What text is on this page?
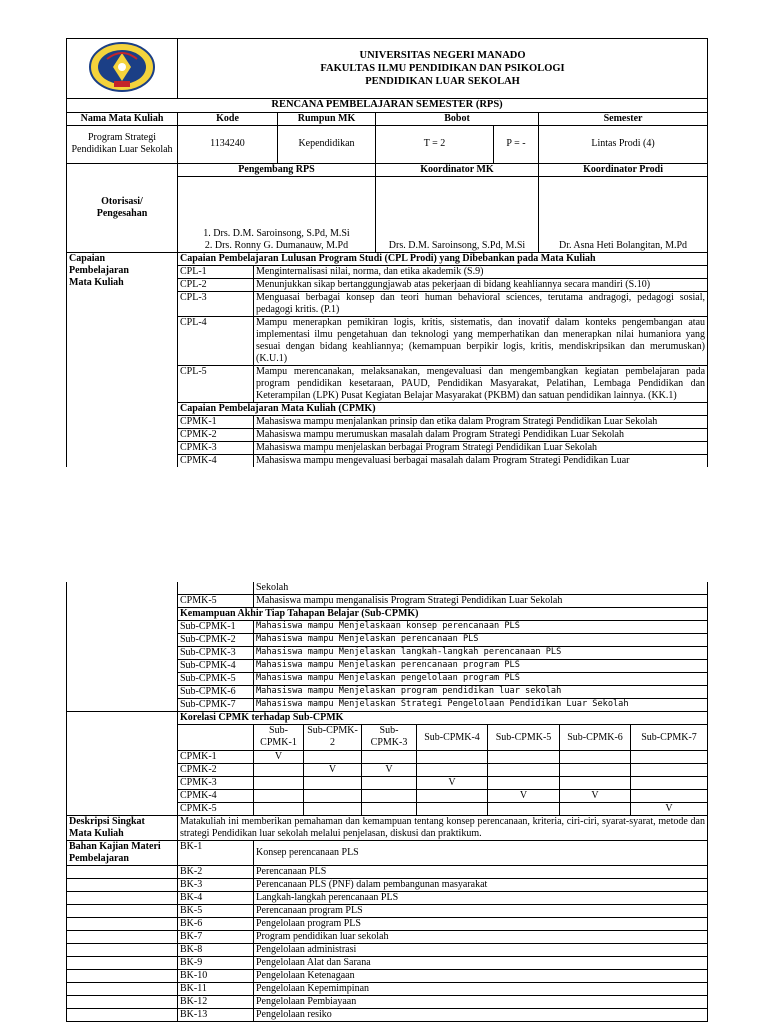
UNIVERSITAS NEGERI MANADO
FAKULTAS ILMU PENDIDIKAN DAN PSIKOLOGI
PENDIDIKAN LUAR SEKOLAH				

RENCANA PEMBELAJARAN SEMESTER (RPS)					
Nama Mata Kuliah	Kode	Rumpun MK	Bobot		Semester
Program Strategi Pendidikan Luar Sekolah	1134240	Kependidikan	T = 2	P = -	Lintas Prodi (4)
Otorisasi/ Pengesahan	Pengembang RPS		Koordinator MK		Koordinator Prodi

	1. Drs. D.M. Saroinsong, S.Pd, M.Si
2. Drs. Ronny G. Dumanauw, M.Pd		Drs. D.M. Saroinsong, S.Pd, M.Si		Dr. Asna Heti Bolangitan, M.Pd
Capaian Pembelajaran Mata Kuliah	Capaian Pembelajaran Lulusan Program Studi (CPL Prodi) yang Dibebankan pada Mata Kuliah	
	CPL-1	Menginternalisasi nilai, norma, dan etika akademik (S.9)
	CPL-2	Menunjukkan sikap bertanggungjawab atas pekerjaan di bidang keahliannya secara mandiri (S.10)
	CPL-3	Menguasai berbagai konsep dan teori human behavioral sciences, terutama andragogi, pedagogi sosial, pedagogi kritis. (P.1)
	CPL-4	Mampu menerapkan pemikiran logis, kritis, sistematis, dan inovatif dalam konteks pengembangan atau implementasi ilmu pengetahuan dan teknologi yang memperhatikan dan menerapkan nilai humaniora yang sesuai dengan bidang keahliannya; (kemampuan berpikir logis, kritis, mendiskripsikan dan merumuskan) (K.U.1)
	CPL-5	Mampu merencanakan, melaksanakan, mengevaluasi dan mengembangkan kegiatan pembelajaran pada program pendidikan kesetaraan, PAUD, Pendidikan Masyarakat, Pelatihan, Lembaga Pendidikan dan Keterampilan (LPK) Pusat Kegiatan Belajar Masyarakat (PKBM) dan satuan pendidikan lainnya. (KK.1)
	Capaian Pembelajaran Mata Kuliah (CPMK)	
	CPMK-1	Mahasiswa mampu menjalankan prinsip dan etika dalam Program Strategi Pendidikan Luar Sekolah
	CPMK-2	Mahasiswa mampu merumuskan masalah dalam Program Strategi Pendidikan Luar Sekolah
	CPMK-3	Mahasiswa mampu menjelaskan berbagai Program Strategi Pendidikan Luar Sekolah
	CPMK-4	Mahasiswa mampu mengevaluasi berbagai masalah dalam Program Strategi Pendidikan Luar
		Sekolah
	CPMK-5	Mahasiswa mampu menganalisis Program Strategi Pendidikan Luar Sekolah
	Kemampuan Akhir Tiap Tahapan Belajar (Sub-CPMK)	
	Sub-CPMK-1	Mahasiswa mampu Menjelaskaan konsep perencanaan PLS
	Sub-CPMK-2	Mahasiswa mampu Menjelaskan perencanaan PLS
	Sub-CPMK-3	Mahasiswa mampu Menjelaskan langkah-langkah perencanaan PLS
	Sub-CPMK-4	Mahasiswa mampu Menjelaskan perencanaan program PLS
	Sub-CPMK-5	Mahasiswa mampu Menjelaskan pengelolaan program PLS
	Sub-CPMK-6	Mahasiswa mampu Menjelaskan program pendidikan luar sekolah
	Sub-CPMK-7	Mahasiswa mampu Menjelaskan Strategi Pengelolaan Pendidikan Luar Sekolah
	Korelasi CPMK terhadap Sub-CPMK							
		Sub-CPMK-1	Sub-CPMK-2	Sub-CPMK-3	Sub-CPMK-4	Sub-CPMK-5	Sub-CPMK-6	Sub-CPMK-7
	CPMK-1	V						
	CPMK-2		V	V				
	CPMK-3				V			
	CPMK-4					V	V	
	CPMK-5							V
Deskripsi Singkat Mata Kuliah	Matakuliah ini memberikan pemahaman dan kemampuan tentang konsep perencanaan, kriteria, ciri-ciri, syarat-syarat, metode dan strategi Pendidikan luar sekolah melalui penjelasan, diskusi dan praktikum.
Bahan Kajian Materi Pembelajaran	BK-1	Konsep perencanaan PLS
	BK-2	Perencanaan PLS
	BK-3	Perencanaan PLS (PNF) dalam pembangunan masyarakat
	BK-4	Langkah-langkah perencanaan PLS
	BK-5	Perencanaan program PLS
	BK-6	Pengelolaan program PLS
	BK-7	Program pendidikan luar sekolah
	BK-8	Pengelolaan administrasi
	BK-9	Pengelolaan Alat dan Sarana
	BK-10	Pengelolaan Ketenagaan
	BK-11	Pengelolaan Kepemimpinan
	BK-12	Pengelolaan Pembiayaan
	BK-13	Pengelolaan resiko
